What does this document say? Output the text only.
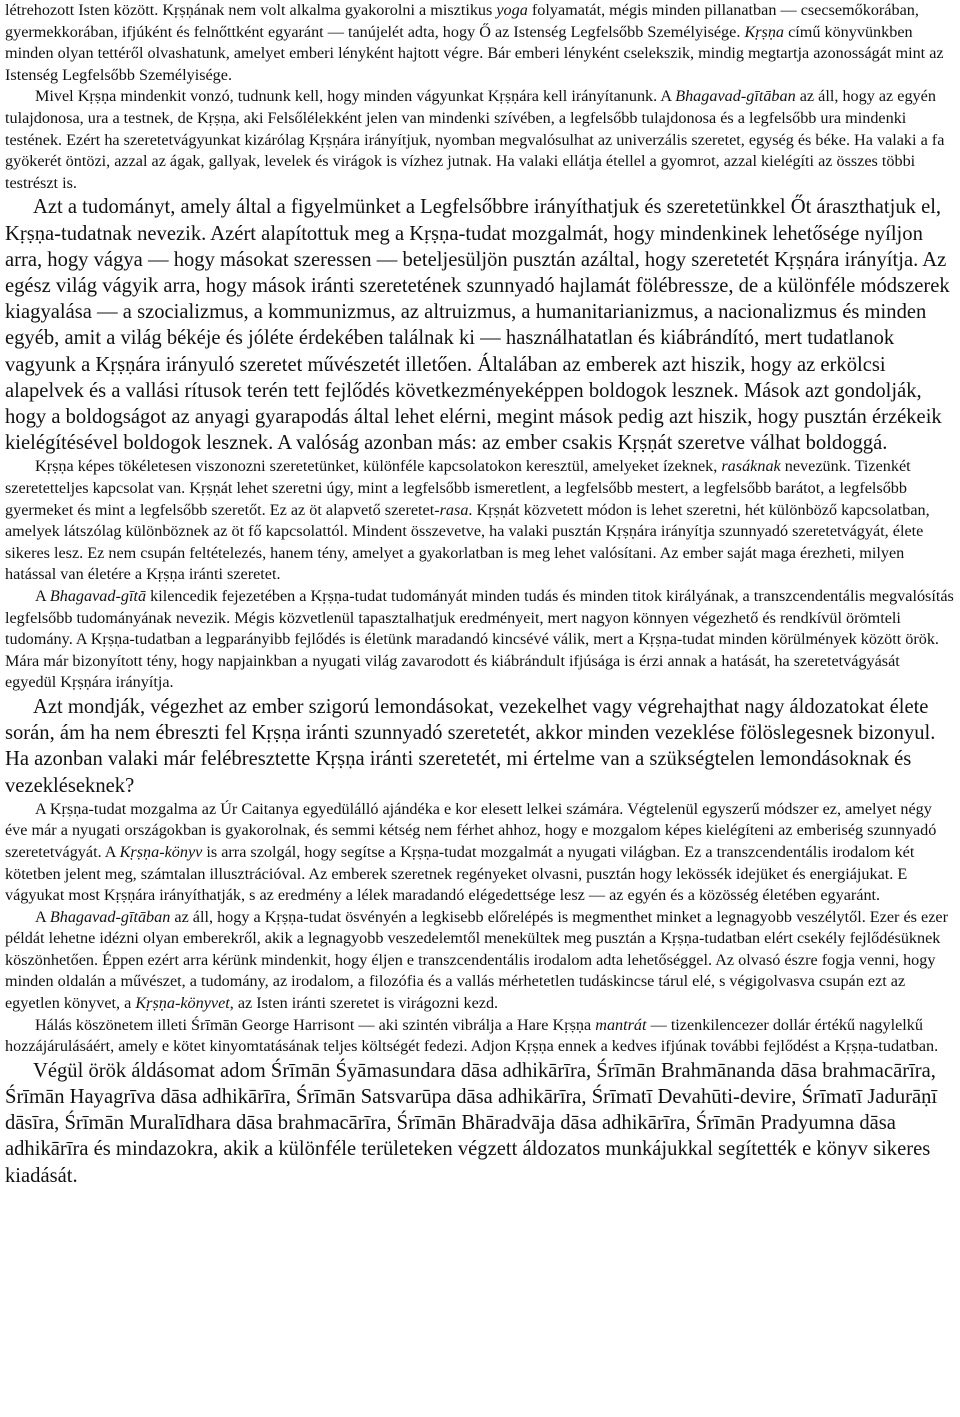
létrehozott Isten között. Kṛṣṇának nem volt alkalma gyakorolni a misztikus yoga folyamatát, mégis minden pillanatban — csecsemőkorában, gyermekkorában, ifjúként és felnőttként egyaránt — tanújelét adta, hogy Ő az Istenség Legfelsőbb Személyisége. Kṛṣṇa című könyvünkben minden olyan tettéről olvashatunk, amelyet emberi lényként hajtott végre. Bár emberi lényként cselekszik, mindig megtartja azonosságát mint az Istenség Legfelsőbb Személyisége.

Mivel Kṛṣṇa mindenkit vonzó, tudnunk kell, hogy minden vágyunkat Kṛṣṇára kell irányítanunk. A Bhagavad-gītāban az áll, hogy az egyén tulajdonosa, ura a testnek, de Kṛṣṇa, aki Felsőlélekként jelen van mindenki szívében, a legfelsőbb tulajdonosa és a legfelsőbb ura mindenki testének. Ezért ha szeretetvágyunkat kizárólag Kṛṣṇára irányítjuk, nyomban megvalósulhat az univerzális szeretet, egység és béke. Ha valaki a fa gyökerét öntözi, azzal az ágak, gallyak, levelek és virágok is vízhez jutnak. Ha valaki ellátja étellel a gyomrot, azzal kielégíti az összes többi testrészt is.

Azt a tudományt, amely által a figyelmünket a Legfelsőbbre irányíthatjuk és szeretetünkkel Őt áraszthatjuk el, Kṛṣṇa-tudatnak nevezik. Azért alapítottuk meg a Kṛṣṇa-tudat mozgalmát, hogy mindenkinek lehetősége nyíljon arra, hogy vágya — hogy másokat szeressen — beteljesüljön pusztán azáltal, hogy szeretetét Kṛṣṇára irányítja. Az egész világ vágyik arra, hogy mások iránti szeretetének szunnyadó hajlamát fölébressze, de a különféle módszerek kiagyalása — a szocializmus, a kommunizmus, az altruizmus, a humanitarianizmus, a nacionalizmus és minden egyéb, amit a világ békéje és jóléte érdekében találnak ki — használhatatlan és kiábrándító, mert tudatlanok vagyunk a Kṛṣṇára irányuló szeretet művészetét illetően. Általában az emberek azt hiszik, hogy az erkölcsi alapelvek és a vallási rítusok terén tett fejlődés következményeképpen boldogok lesznek. Mások azt gondolják, hogy a boldogságot az anyagi gyarapodás által lehet elérni, megint mások pedig azt hiszik, hogy pusztán érzékeik kielégítésével boldogok lesznek. A valóság azonban más: az ember csakis Kṛṣṇát szeretve válhat boldoggá.

Kṛṣṇa képes tökéletesen viszonozni szeretetünket, különféle kapcsolatokon keresztül, amelyeket ízeknek, rasáknak nevezünk. Tizenkét szeretetteljes kapcsolat van. Kṛṣṇát lehet szeretni úgy, mint a legfelsőbb ismeretlent, a legfelsőbb mestert, a legfelsőbb barátot, a legfelsőbb gyermeket és mint a legfelsőbb szeretőt. Ez az öt alapvető szeretet-rasa. Kṛṣṇát közvetett módon is lehet szeretni, hét különböző kapcsolatban, amelyek látszólag különböznek az öt fő kapcsolattól. Mindent összevetve, ha valaki pusztán Kṛṣṇára irányítja szunnyadó szeretetvágyát, élete sikeres lesz. Ez nem csupán feltételezés, hanem tény, amelyet a gyakorlatban is meg lehet valósítani. Az ember saját maga érezheti, milyen hatással van életére a Kṛṣṇa iránti szeretet.

A Bhagavad-gītā kilencedik fejezetében a Kṛṣṇa-tudat tudományát minden tudás és minden titok királyának, a transzcendentális megvalósítás legfelsőbb tudományának nevezik. Mégis közvetlenül tapasztalhatjuk eredményeit, mert nagyon könnyen végezhető és rendkívül örömteli tudomány. A Kṛṣṇa-tudatban a legparányibb fejlődés is életünk maradandó kincsévé válik, mert a Kṛṣṇa-tudat minden körülmények között örök. Mára már bizonyított tény, hogy napjainkban a nyugati világ zavarodott és kiábrándult ifjúsága is érzi annak a hatását, ha szeretetvágyását egyedül Kṛṣṇára irányítja.

Azt mondják, végezhet az ember szigorú lemondásokat, vezekelhet vagy végrehajthat nagy áldozatokat élete során, ám ha nem ébreszti fel Kṛṣṇa iránti szunnyadó szeretetét, akkor minden vezeklése fölöslegesnek bizonyul. Ha azonban valaki már felébresztette Kṛṣṇa iránti szeretetét, mi értelme van a szükségtelen lemondásoknak és vezekléseknek?

A Kṛṣṇa-tudat mozgalma az Úr Caitanya egyedülálló ajándéka e kor elesett lelkei számára. Végtelenül egyszerű módszer ez, amelyet négy éve már a nyugati országokban is gyakorolnak, és semmi kétség nem férhet ahhoz, hogy e mozgalom képes kielégíteni az emberiség szunnyadó szeretetvágyát. A Kṛṣṇa-könyv is arra szolgál, hogy segítse a Kṛṣṇa-tudat mozgalmát a nyugati világban. Ez a transzcendentális irodalom két kötetben jelent meg, számtalan illusztrációval. Az emberek szeretnek regényeket olvasni, pusztán hogy lekössék idejüket és energiájukat. E vágyukat most Kṛṣṇára irányíthatják, s az eredmény a lélek maradandó elégedettsége lesz — az egyén és a közösség életében egyaránt.

A Bhagavad-gītāban az áll, hogy a Kṛṣṇa-tudat ösvényén a legkisebb előrelépés is megmenthet minket a legnagyobb veszélytől. Ezer és ezer példát lehetne idézni olyan emberekről, akik a legnagyobb veszedelemtől menekültek meg pusztán a Kṛṣṇa-tudatban elért csekély fejlődésüknek köszönhetően. Éppen ezért arra kérünk mindenkit, hogy éljen e transzcendentális irodalom adta lehetőséggel. Az olvasó észre fogja venni, hogy minden oldalán a művészet, a tudomány, az irodalom, a filozófia és a vallás mérhetetlen tudáskincse tárul elé, s végigolvasva csupán ezt az egyetlen könyvet, a Kṛṣṇa-könyvet, az Isten iránti szeretet is virágozni kezd.

Hálás köszönetem illeti Śrīmān George Harrisont — aki szintén vibrálja a Hare Kṛṣṇa mantrát — tizenkilencezer dollár értékű nagylelkű hozzájárulásáért, amely e kötet kinyomtatásának teljes költségét fedezi. Adjon Kṛṣṇa ennek a kedves ifjúnak további fejlődést a Kṛṣṇa-tudatban.

Végül örök áldásomat adom Śrīmān Śyāmasundara dāsa adhikārīra, Śrīmān Brahmānanda dāsa brahmacārīra, Śrīmān Hayagrīva dāsa adhikārīra, Śrīmān Satsvarūpa dāsa adhikārīra, Śrīmatī Devahūti-devire, Śrīmatī Jadurāṇī dāsīra, Śrīmān Muralīdhara dāsa brahmacārīra, Śrīmān Bhāradvāja dāsa adhikārīra, Śrīmān Pradyumna dāsa adhikārīra és mindazokra, akik a különféle területeken végzett áldozatos munkájukkal segítették e könyv sikeres kiadását.
